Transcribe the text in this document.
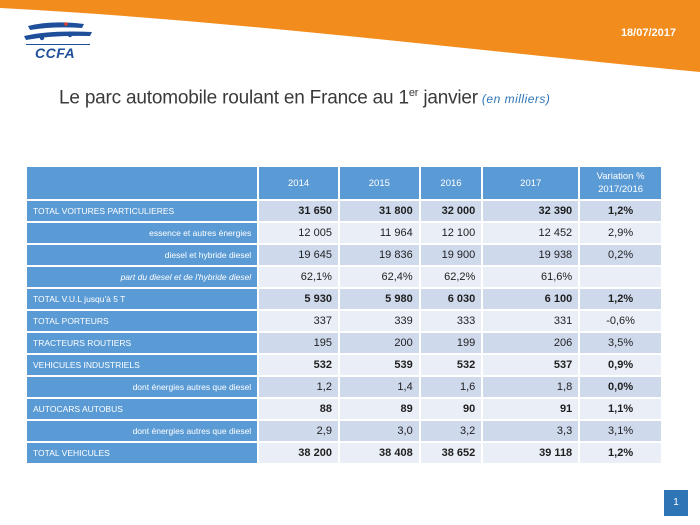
18/07/2017
CCFA
Le parc automobile roulant en France au 1er janvier (en milliers)
	2014	2015	2016	2017	Variation %
2017/2016
TOTAL VOITURES PARTICULIERES	31 650	31 800	32 000	32 390	1,2%
essence et autres énergies	12 005	11 964	12 100	12 452	2,9%
diesel et hybride diesel	19 645	19 836	19 900	19 938	0,2%
part du diesel et de l'hybride diesel	62,1%	62,4%	62,2%	61,6%	
TOTAL V.U.L jusqu'à 5 T	5 930	5 980	6 030	6 100	1,2%
TOTAL PORTEURS	337	339	333	331	-0,6%
TRACTEURS ROUTIERS	195	200	199	206	3,5%
VEHICULES INDUSTRIELS	532	539	532	537	0,9%
dont énergies autres que diesel	1,2	1,4	1,6	1,8	0,0%
AUTOCARS AUTOBUS	88	89	90	91	1,1%
dont énergies autres que diesel	2,9	3,0	3,2	3,3	3,1%
TOTAL VEHICULES	38 200	38 408	38 652	39 118	1,2%
1
